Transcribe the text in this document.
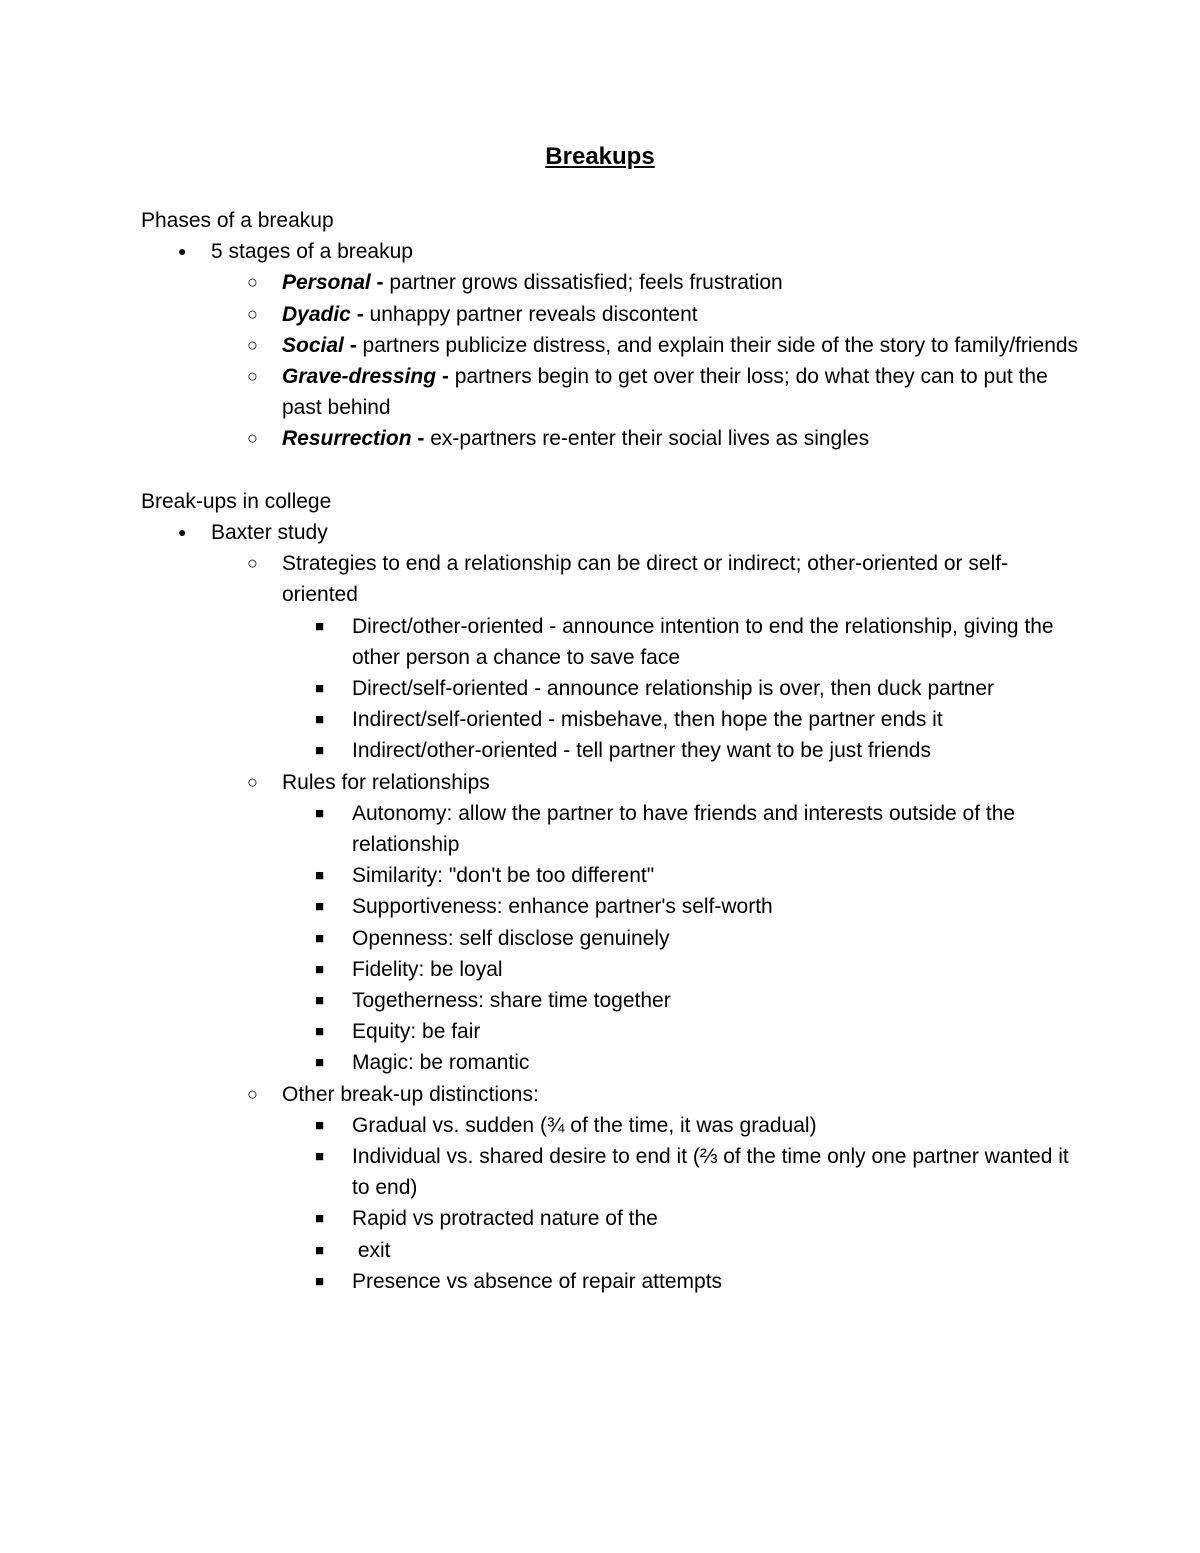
Breakups
Phases of a breakup
●	5 stages of a breakup
○	Personal - partner grows dissatisfied; feels frustration
○	Dyadic - unhappy partner reveals discontent
○	Social - partners publicize distress, and explain their side of the story to family/friends
○	Grave-dressing - partners begin to get over their loss; do what they can to put the past behind
○	Resurrection - ex-partners re-enter their social lives as singles
Break-ups in college
●	Baxter study
○	Strategies to end a relationship can be direct or indirect; other-oriented or self-oriented
■	Direct/other-oriented - announce intention to end the relationship, giving the other person a chance to save face
■	Direct/self-oriented - announce relationship is over, then duck partner
■	Indirect/self-oriented - misbehave, then hope the partner ends it
■	Indirect/other-oriented - tell partner they want to be just friends
○	Rules for relationships
■	Autonomy: allow the partner to have friends and interests outside of the relationship
■	Similarity: "don't be too different"
■	Supportiveness: enhance partner's self-worth
■	Openness: self disclose genuinely
■	Fidelity: be loyal
■	Togetherness: share time together
■	Equity: be fair
■	Magic: be romantic
○	Other break-up distinctions:
■	Gradual vs. sudden (¾ of the time, it was gradual)
■	Individual vs. shared desire to end it (⅔ of the time only one partner wanted it to end)
■	Rapid vs protracted nature of the
■	exit
■	Presence vs absence of repair attempts
